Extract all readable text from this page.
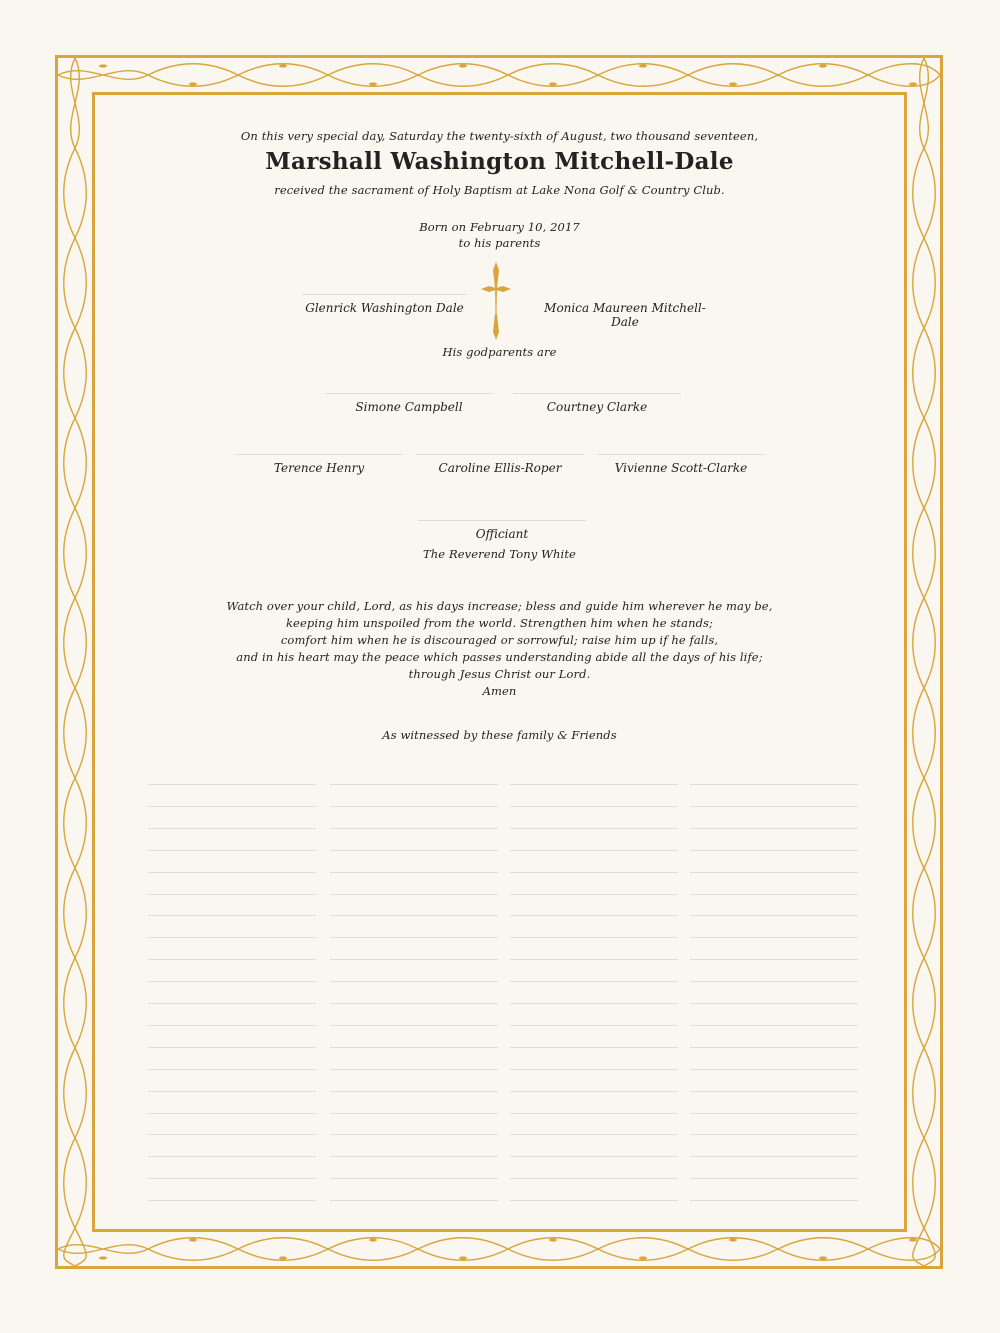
On this very special day, Saturday the twenty-sixth of August, two thousand seventeen,
Marshall Washington Mitchell-Dale
received the sacrament of Holy Baptism at Lake Nona Golf & Country Club.
Born on February 10, 2017
to his parents
Glenrick Washington Dale	Monica Maureen Mitchell-Dale
His godparents are
Simone Campbell	Courtney Clarke
Terence Henry	Caroline Ellis-Roper	Vivienne Scott-Clarke
Officiant
The Reverend Tony White
Watch over your child, Lord, as his days increase; bless and guide him wherever he may be,
keeping him unspoiled from the world. Strengthen him when he stands;
comfort him when he is discouraged or sorrowful; raise him up if he falls,
and in his heart may the peace which passes understanding abide all the days of his life;
through Jesus Christ our Lord.
Amen
As witnessed by these family & Friends
